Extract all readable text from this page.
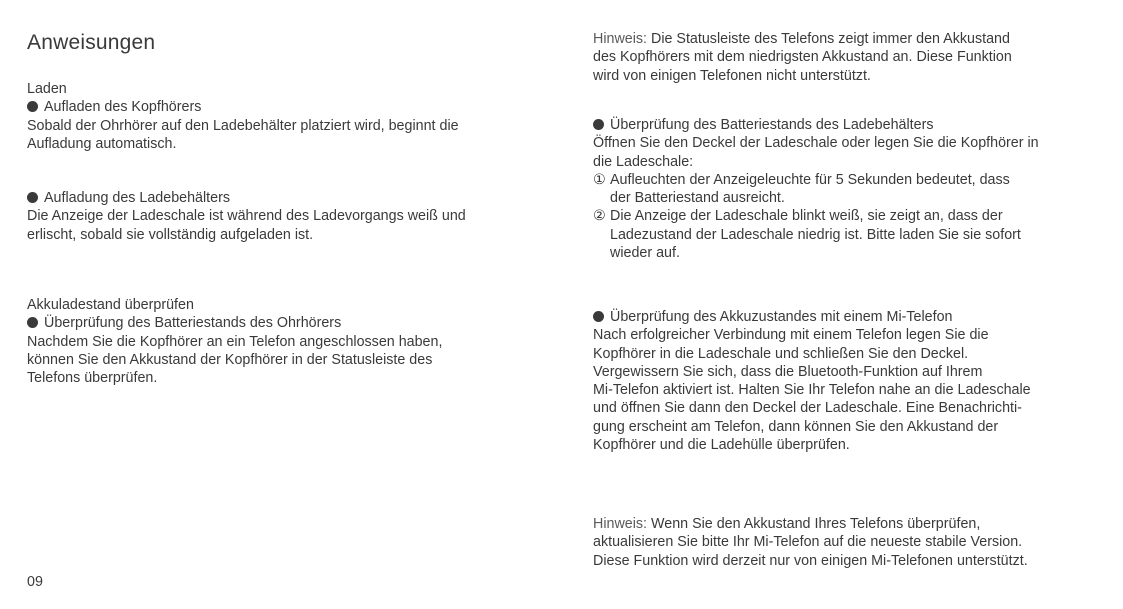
Anweisungen
Laden
Aufladen des Kopfhörers
Sobald der Ohrhörer auf den Ladebehälter platziert wird, beginnt die
Aufladung automatisch.
Aufladung des Ladebehälters
Die Anzeige der Ladeschale ist während des Ladevorgangs weiß und
erlischt, sobald sie vollständig aufgeladen ist.
Akkuladestand überprüfen
Überprüfung des Batteriestands des Ohrhörers
Nachdem Sie die Kopfhörer an ein Telefon angeschlossen haben,
können Sie den Akkustand der Kopfhörer in der Statusleiste des
Telefons überprüfen.
09
Hinweis: Die Statusleiste des Telefons zeigt immer den Akkustand
des Kopfhörers mit dem niedrigsten Akkustand an. Diese Funktion
wird von einigen Telefonen nicht unterstützt.
Überprüfung des Batteriestands des Ladebehälters
Öffnen Sie den Deckel der Ladeschale oder legen Sie die Kopfhörer in
die Ladeschale:
① Aufleuchten der Anzeigeleuchte für 5 Sekunden bedeutet, dass
der Batteriestand ausreicht.
② Die Anzeige der Ladeschale blinkt weiß, sie zeigt an, dass der
Ladezustand der Ladeschale niedrig ist. Bitte laden Sie sie sofort
wieder auf.
Überprüfung des Akkuzustandes mit einem Mi-Telefon
Nach erfolgreicher Verbindung mit einem Telefon legen Sie die
Kopfhörer in die Ladeschale und schließen Sie den Deckel.
Vergewissern Sie sich, dass die Bluetooth-Funktion auf Ihrem
Mi-Telefon aktiviert ist. Halten Sie Ihr Telefon nahe an die Ladeschale
und öffnen Sie dann den Deckel der Ladeschale. Eine Benachrichti-
gung erscheint am Telefon, dann können Sie den Akkustand der
Kopfhörer und die Ladehülle überprüfen.
Hinweis: Wenn Sie den Akkustand Ihres Telefons überprüfen,
aktualisieren Sie bitte Ihr Mi-Telefon auf die neueste stabile Version.
Diese Funktion wird derzeit nur von einigen Mi-Telefonen unterstützt.
